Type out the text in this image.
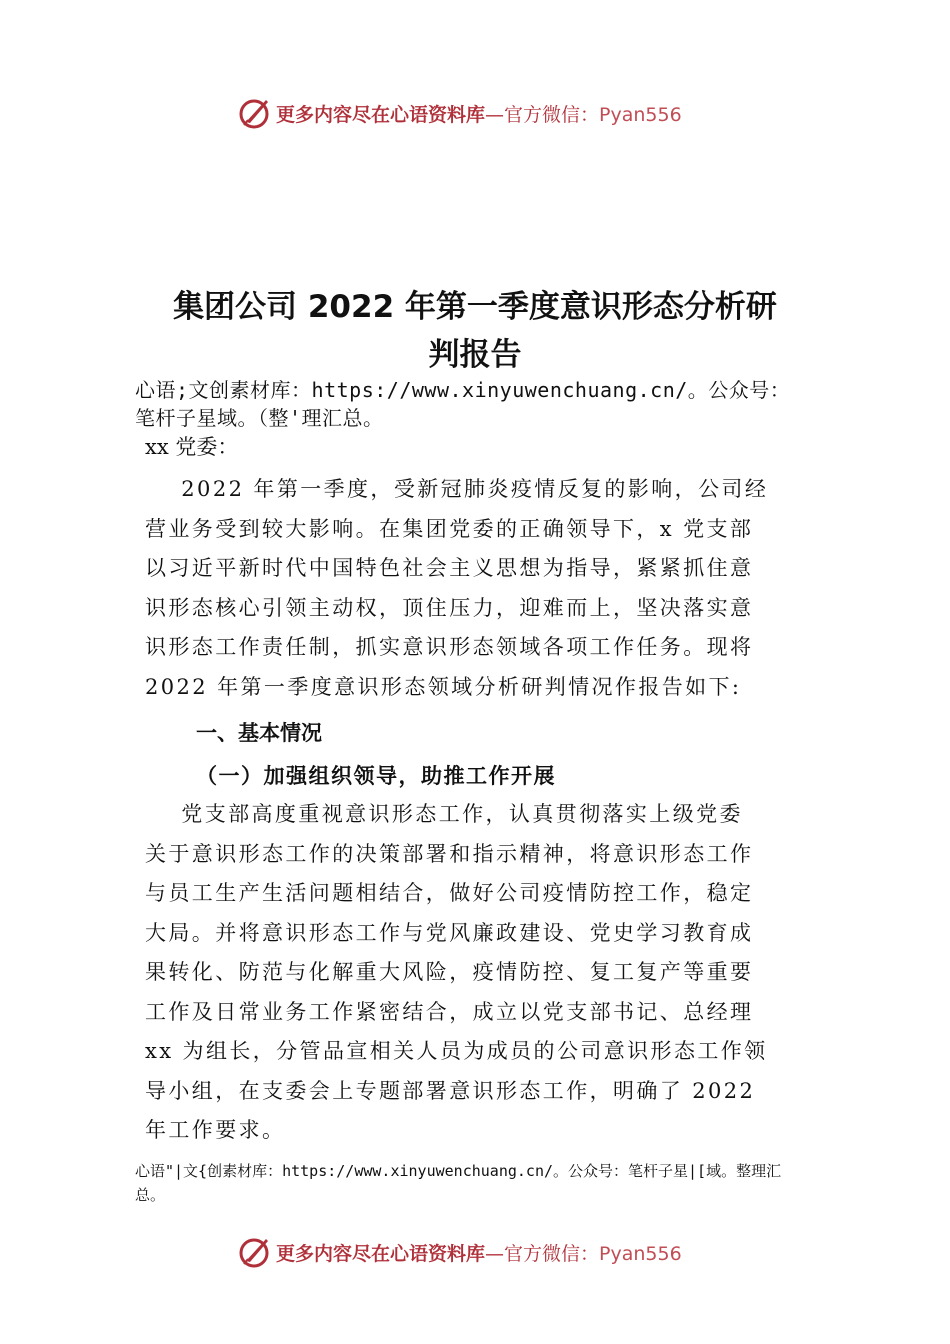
更多内容尽在心语资料库—官方微信：Pyan556
集团公司 2022 年第一季度意识形态分析研
判报告
心语;文创素材库：https://www.xinyuwenchuang.cn/。公众号：
笔杆子星域。（整'理汇总。
xx 党委：
2022 年第一季度，受新冠肺炎疫情反复的影响，公司经
营业务受到较大影响。在集团党委的正确领导下，x 党支部
以习近平新时代中国特色社会主义思想为指导，紧紧抓住意
识形态核心引领主动权，顶住压力，迎难而上，坚决落实意
识形态工作责任制，抓实意识形态领域各项工作任务。现将
2022 年第一季度意识形态领域分析研判情况作报告如下:
一、基本情况
（一）加强组织领导，助推工作开展
党支部高度重视意识形态工作，认真贯彻落实上级党委
关于意识形态工作的决策部署和指示精神，将意识形态工作
与员工生产生活问题相结合，做好公司疫情防控工作，稳定
大局。并将意识形态工作与党风廉政建设、党史学习教育成
果转化、防范与化解重大风险，疫情防控、复工复产等重要
工作及日常业务工作紧密结合，成立以党支部书记、总经理
xx 为组长，分管品宣相关人员为成员的公司意识形态工作领
导小组，在支委会上专题部署意识形态工作，明确了 2022
年工作要求。
心语"|文{创素材库：https://www.xinyuwenchuang.cn/。公众号：笔杆子星|[域。整理汇
总。
更多内容尽在心语资料库—官方微信：Pyan556
